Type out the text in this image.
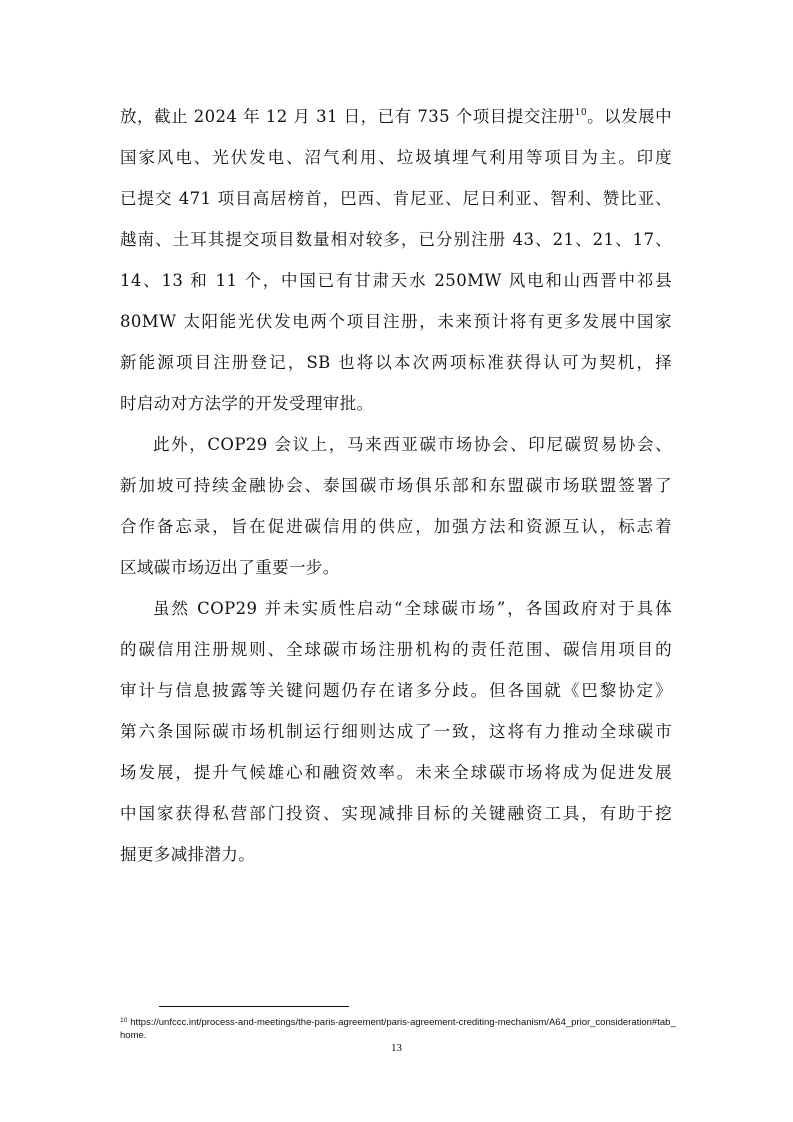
放，截止 2024 年 12 月 31 日，已有 735 个项目提交注册$^{10}$。以发展中
国家风电、光伏发电、沼气利用、垃圾填埋气利用等项目为主。印度
已提交 471 项目高居榜首，巴西、肯尼亚、尼日利亚、智利、赞比亚、
越南、土耳其提交项目数量相对较多，已分别注册 43、21、21、17、
14、13 和 11 个，中国已有甘肃天水 250MW 风电和山西晋中祁县
80MW 太阳能光伏发电两个项目注册，未来预计将有更多发展中国家
新能源项目注册登记，SB 也将以本次两项标准获得认可为契机，择
时启动对方法学的开发受理审批。
此外，COP29 会议上，马来西亚碳市场协会、印尼碳贸易协会、
新加坡可持续金融协会、泰国碳市场俱乐部和东盟碳市场联盟签署了
合作备忘录，旨在促进碳信用的供应，加强方法和资源互认，标志着
区域碳市场迈出了重要一步。
虽然 COP29 并未实质性启动“全球碳市场”，各国政府对于具体
的碳信用注册规则、全球碳市场注册机构的责任范围、碳信用项目的
审计与信息披露等关键问题仍存在诸多分歧。但各国就《巴黎协定》
第六条国际碳市场机制运行细则达成了一致，这将有力推动全球碳市
场发展，提升气候雄心和融资效率。未来全球碳市场将成为促进发展
中国家获得私营部门投资、实现减排目标的关键融资工具，有助于挖
掘更多减排潜力。
$^{10}$ https://unfccc.int/process-and-meetings/the-paris-agreement/paris-agreement-crediting-mechanism/A64_prior_consideration#tab_home.
13
